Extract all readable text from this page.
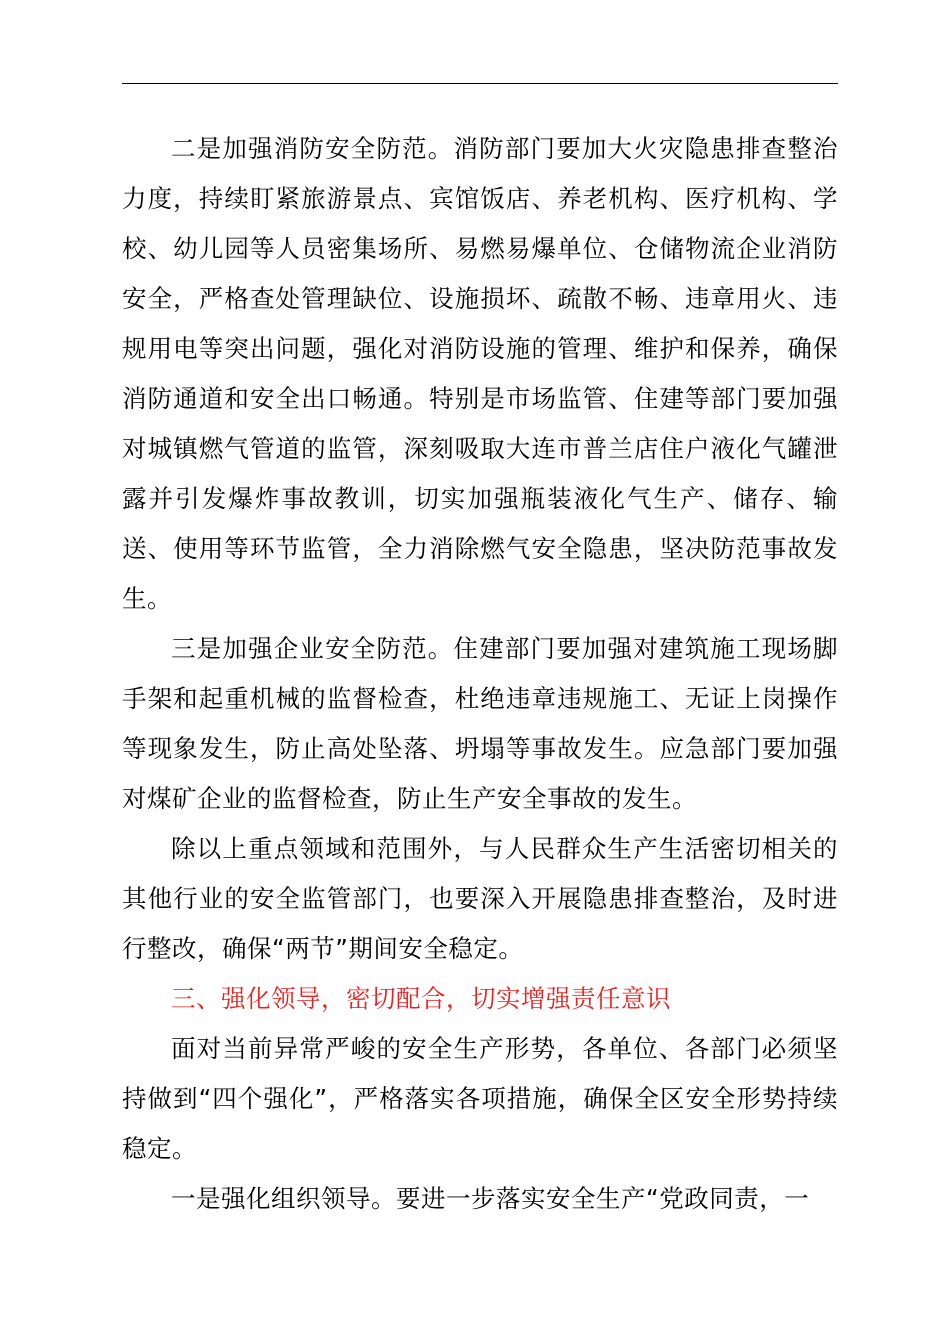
二是加强消防安全防范。消防部门要加大火灾隐患排查整治力度，持续盯紧旅游景点、宾馆饭店、养老机构、医疗机构、学校、幼儿园等人员密集场所、易燃易爆单位、仓储物流企业消防安全，严格查处管理缺位、设施损坏、疏散不畅、违章用火、违规用电等突出问题，强化对消防设施的管理、维护和保养，确保消防通道和安全出口畅通。特别是市场监管、住建等部门要加强对城镇燃气管道的监管，深刻吸取大连市普兰店住户液化气罐泄露并引发爆炸事故教训，切实加强瓶装液化气生产、储存、输送、使用等环节监管，全力消除燃气安全隐患，坚决防范事故发生。

三是加强企业安全防范。住建部门要加强对建筑施工现场脚手架和起重机械的监督检查，杜绝违章违规施工、无证上岗操作等现象发生，防止高处坠落、坍塌等事故发生。应急部门要加强对煤矿企业的监督检查，防止生产安全事故的发生。

除以上重点领域和范围外，与人民群众生产生活密切相关的其他行业的安全监管部门，也要深入开展隐患排查整治，及时进行整改，确保“两节”期间安全稳定。

三、强化领导，密切配合，切实增强责任意识

面对当前异常严峻的安全生产形势，各单位、各部门必须坚持做到“四个强化”，严格落实各项措施，确保全区安全形势持续稳定。

一是强化组织领导。要进一步落实安全生产“党政同责，一
